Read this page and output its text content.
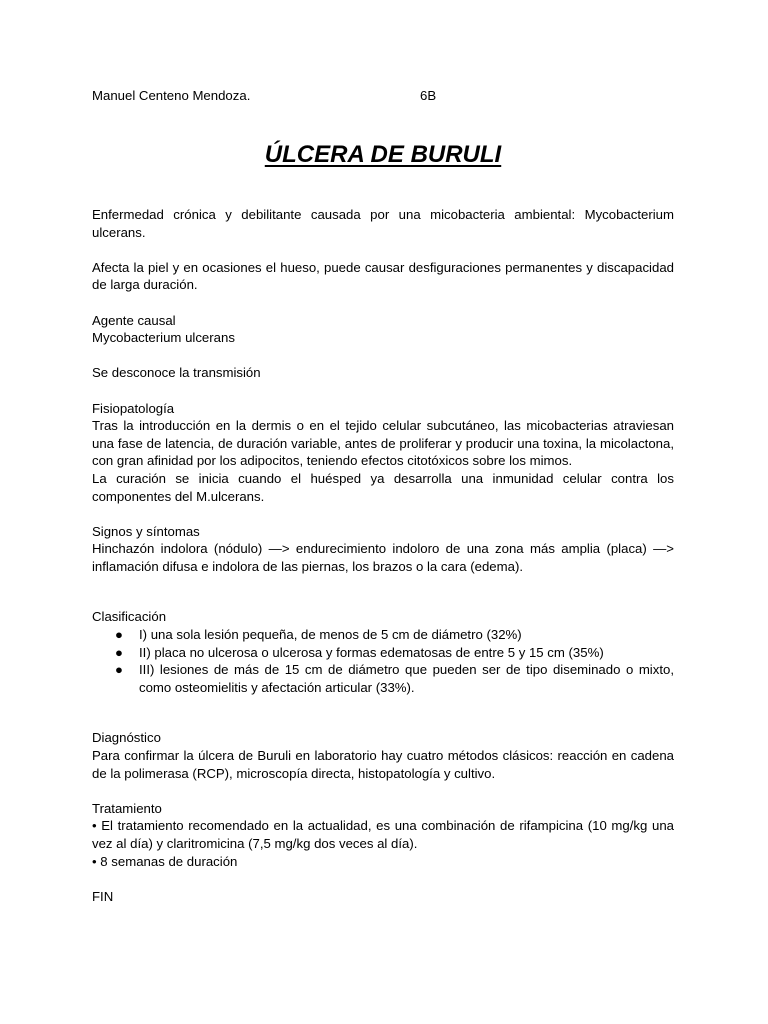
Manuel Centeno Mendoza.	6B
ÚLCERA DE BURULI

Enfermedad crónica y debilitante causada por una micobacteria ambiental: Mycobacterium ulcerans.

Afecta la piel y en ocasiones el hueso, puede causar desfiguraciones permanentes y discapacidad de larga duración.

Agente causal

Mycobacterium ulcerans

Se desconoce la transmisión

Fisiopatología

Tras la introducción en la dermis o en el tejido celular subcutáneo, las micobacterias atraviesan una fase de latencia, de duración variable, antes de proliferar y producir una toxina, la micolactona, con gran afinidad por los adipocitos, teniendo efectos citotóxicos sobre los mimos.

La curación se inicia cuando el huésped ya desarrolla una inmunidad celular contra los componentes del M.ulcerans.

Signos y síntomas

Hinchazón indolora (nódulo) —> endurecimiento indoloro de una zona más amplia (placa) —> inflamación difusa e indolora de las piernas, los brazos o la cara (edema).

Clasificación

● I) una sola lesión pequeña, de menos de 5 cm de diámetro (32%)
● II) placa no ulcerosa o ulcerosa y formas edematosas de entre 5 y 15 cm (35%)
● III) lesiones de más de 15 cm de diámetro que pueden ser de tipo diseminado o mixto, como osteomielitis y afectación articular (33%).

Diagnóstico

Para confirmar la úlcera de Buruli en laboratorio hay cuatro métodos clásicos: reacción en cadena de la polimerasa (RCP), microscopía directa, histopatología y cultivo.

Tratamiento

• El tratamiento recomendado en la actualidad, es una combinación de rifampicina (10 mg/kg una vez al día) y claritromicina (7,5 mg/kg dos veces al día).

• 8 semanas de duración

FIN
